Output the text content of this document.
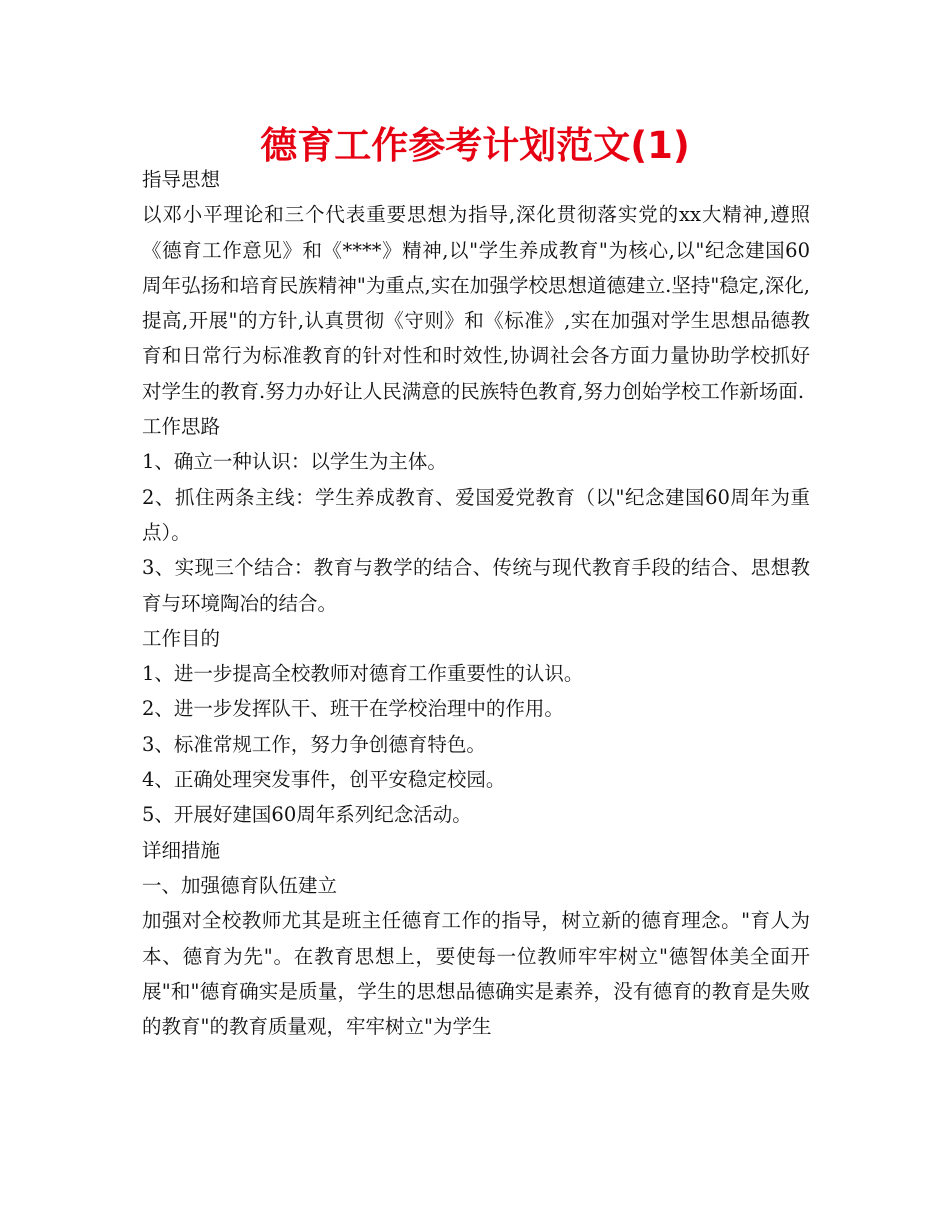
德育工作参考计划范文(1)

指导思想

以邓小平理论和三个代表重要思想为指导,深化贯彻落实党的xx大精神,遵照《德育工作意见》和《****》精神,以"学生养成教育"为核心,以"纪念建国60周年弘扬和培育民族精神"为重点,实在加强学校思想道德建立.坚持"稳定,深化,提高,开展"的方针,认真贯彻《守则》和《标准》,实在加强对学生思想品德教育和日常行为标准教育的针对性和时效性,协调社会各方面力量协助学校抓好对学生的教育.努力办好让人民满意的民族特色教育,努力创始学校工作新场面.

工作思路

1、确立一种认识：以学生为主体。

2、抓住两条主线：学生养成教育、爱国爱党教育（以"纪念建国60周年为重点）。

3、实现三个结合：教育与教学的结合、传统与现代教育手段的结合、思想教育与环境陶冶的结合。

工作目的

1、进一步提高全校教师对德育工作重要性的认识。

2、进一步发挥队干、班干在学校治理中的作用。

3、标准常规工作，努力争创德育特色。

4、正确处理突发事件，创平安稳定校园。

5、开展好建国60周年系列纪念活动。

详细措施

一、加强德育队伍建立

加强对全校教师尤其是班主任德育工作的指导，树立新的德育理念。"育人为本、德育为先"。在教育思想上，要使每一位教师牢牢树立"德智体美全面开展"和"德育确实是质量，学生的思想品德确实是素养，没有德育的教育是失败的教育"的教育质量观，牢牢树立"为学生
